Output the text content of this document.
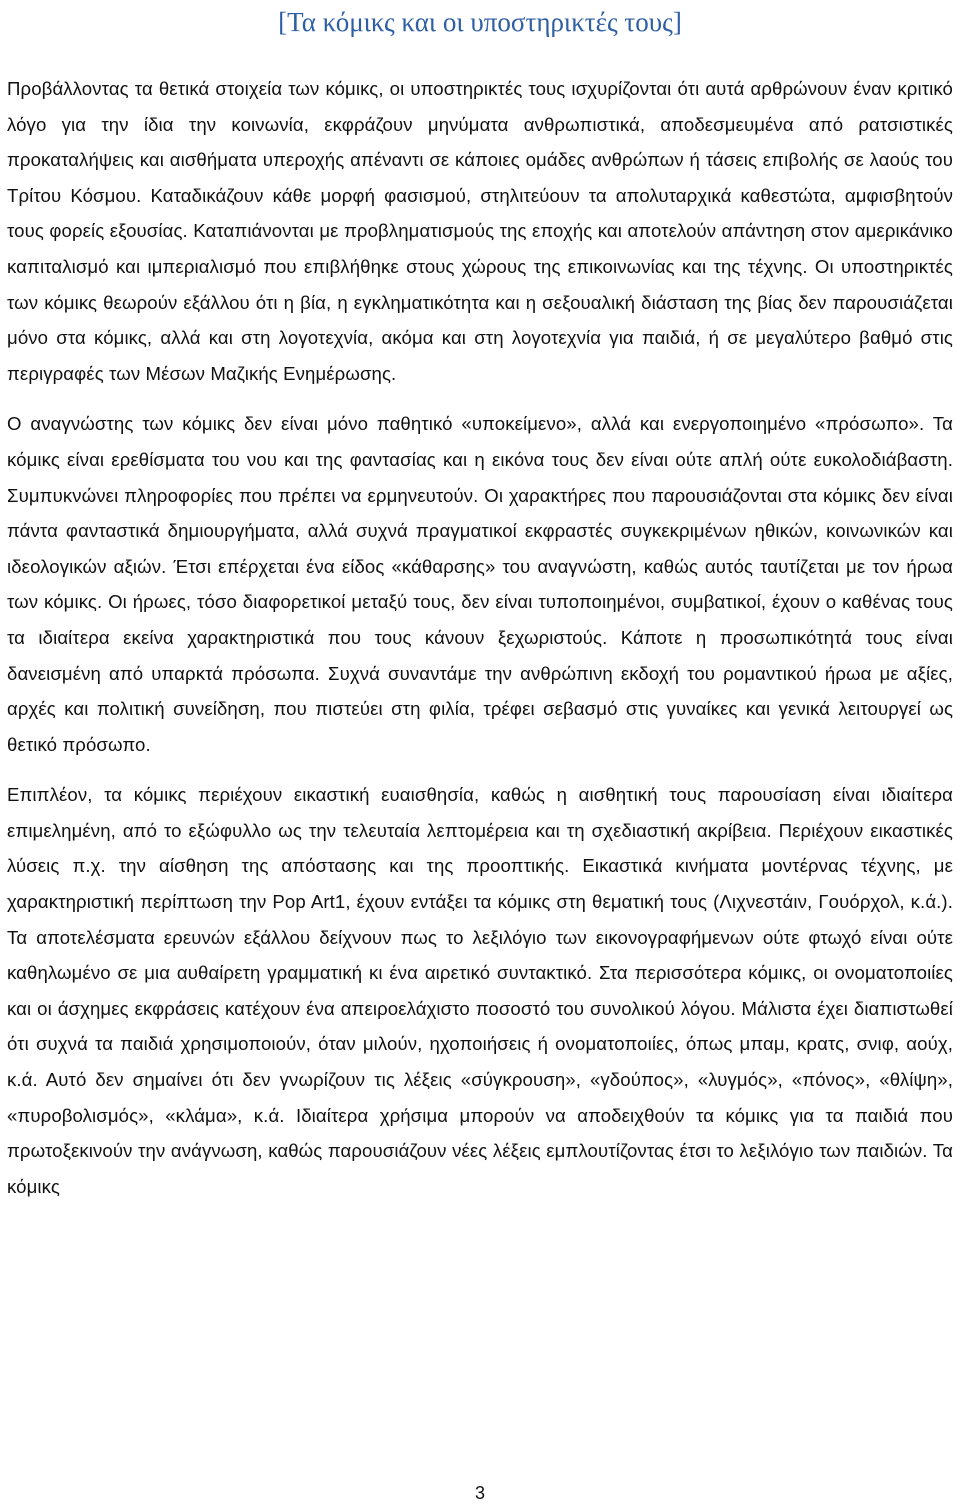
[Τα κόμικς και οι υποστηρικτές τους]

Προβάλλοντας τα θετικά στοιχεία των κόμικς, οι υποστηρικτές τους ισχυρίζονται ότι αυτά αρθρώνουν έναν κριτικό λόγο για την ίδια την κοινωνία, εκφράζουν μηνύματα ανθρωπιστικά, αποδεσμευμένα από ρατσιστικές προκαταλήψεις και αισθήματα υπεροχής απέναντι σε κάποιες ομάδες ανθρώπων ή τάσεις επιβολής σε λαούς του Τρίτου Κόσμου. Καταδικάζουν κάθε μορφή φασισμού, στηλιτεύουν τα απολυταρχικά καθεστώτα, αμφισβητούν τους φορείς εξουσίας. Καταπιάνονται με προβληματισμούς της εποχής και αποτελούν απάντηση στον αμερικάνικο καπιταλισμό και ιμπεριαλισμό που επιβλήθηκε στους χώρους της επικοινωνίας και της τέχνης. Οι υποστηρικτές των κόμικς θεωρούν εξάλλου ότι η βία, η εγκληματικότητα και η σεξουαλική διάσταση της βίας δεν παρουσιάζεται μόνο στα κόμικς, αλλά και στη λογοτεχνία, ακόμα και στη λογοτεχνία για παιδιά, ή σε μεγαλύτερο βαθμό στις περιγραφές των Μέσων Μαζικής Ενημέρωσης.

Ο αναγνώστης των κόμικς δεν είναι μόνο παθητικό «υποκείμενο», αλλά και ενεργοποιημένο «πρόσωπο». Τα κόμικς είναι ερεθίσματα του νου και της φαντασίας και η εικόνα τους δεν είναι ούτε απλή ούτε ευκολοδιάβαστη. Συμπυκνώνει πληροφορίες που πρέπει να ερμηνευτούν. Οι χαρακτήρες που παρουσιάζονται στα κόμικς δεν είναι πάντα φανταστικά δημιουργήματα, αλλά συχνά πραγματικοί εκφραστές συγκεκριμένων ηθικών, κοινωνικών και ιδεολογικών αξιών. Έτσι επέρχεται ένα είδος «κάθαρσης» του αναγνώστη, καθώς αυτός ταυτίζεται με τον ήρωα των κόμικς. Οι ήρωες, τόσο διαφορετικοί μεταξύ τους, δεν είναι τυποποιημένοι, συμβατικοί, έχουν ο καθένας τους τα ιδιαίτερα εκείνα χαρακτηριστικά που τους κάνουν ξεχωριστούς. Κάποτε η προσωπικότητά τους είναι δανεισμένη από υπαρκτά πρόσωπα. Συχνά συναντάμε την ανθρώπινη εκδοχή του ρομαντικού ήρωα με αξίες, αρχές και πολιτική συνείδηση, που πιστεύει στη φιλία, τρέφει σεβασμό στις γυναίκες και γενικά λειτουργεί ως θετικό πρόσωπο.

Επιπλέον, τα κόμικς περιέχουν εικαστική ευαισθησία, καθώς η αισθητική τους παρουσίαση είναι ιδιαίτερα επιμελημένη, από το εξώφυλλο ως την τελευταία λεπτομέρεια και τη σχεδιαστική ακρίβεια. Περιέχουν εικαστικές λύσεις π.χ. την αίσθηση της απόστασης και της προοπτικής. Εικαστικά κινήματα μοντέρνας τέχνης, με χαρακτηριστική περίπτωση την Pop Art1, έχουν εντάξει τα κόμικς στη θεματική τους (Λιχνεστάιν, Γουόρχολ, κ.ά.). Τα αποτελέσματα ερευνών εξάλλου δείχνουν πως το λεξιλόγιο των εικονογραφήμενων ούτε φτωχό είναι ούτε καθηλωμένο σε μια αυθαίρετη γραμματική κι ένα αιρετικό συντακτικό. Στα περισσότερα κόμικς, οι ονοματοποιίες και οι άσχημες εκφράσεις κατέχουν ένα απειροελάχιστο ποσοστό του συνολικού λόγου. Μάλιστα έχει διαπιστωθεί ότι συχνά τα παιδιά χρησιμοποιούν, όταν μιλούν, ηχοποιήσεις ή ονοματοποιίες, όπως μπαμ, κρατς, σνιφ, αούχ, κ.ά. Αυτό δεν σημαίνει ότι δεν γνωρίζουν τις λέξεις «σύγκρουση», «γδούπος», «λυγμός», «πόνος», «θλίψη», «πυροβολισμός», «κλάμα», κ.ά. Ιδιαίτερα χρήσιμα μπορούν να αποδειχθούν τα κόμικς για τα παιδιά που πρωτοξεκινούν την ανάγνωση, καθώς παρουσιάζουν νέες λέξεις εμπλουτίζοντας έτσι το λεξιλόγιο των παιδιών. Τα κόμικς

3
